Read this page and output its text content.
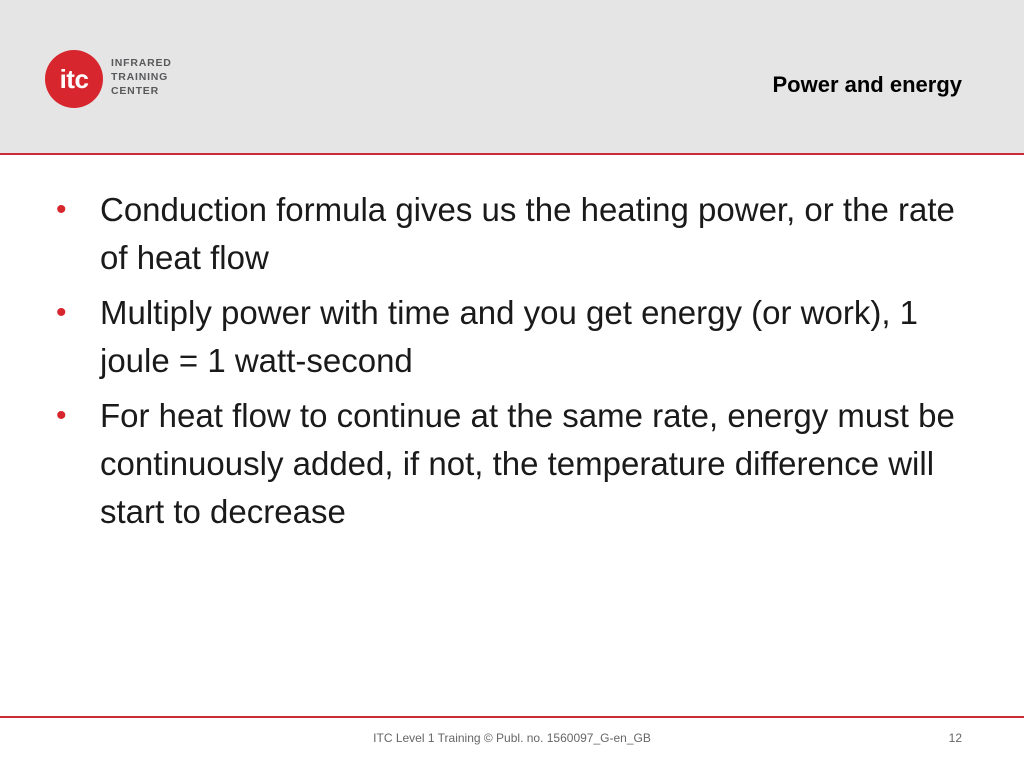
itc
INFRARED
TRAINING
CENTER	Power and energy
• Conduction formula gives us the heating power, or the rate of heat flow
• Multiply power with time and you get energy (or work), 1 joule = 1 watt-second
• For heat flow to continue at the same rate, energy must be continuously added, if not, the temperature difference will start to decrease
ITC Level 1 Training © Publ. no. 1560097_G-en_GB	12
